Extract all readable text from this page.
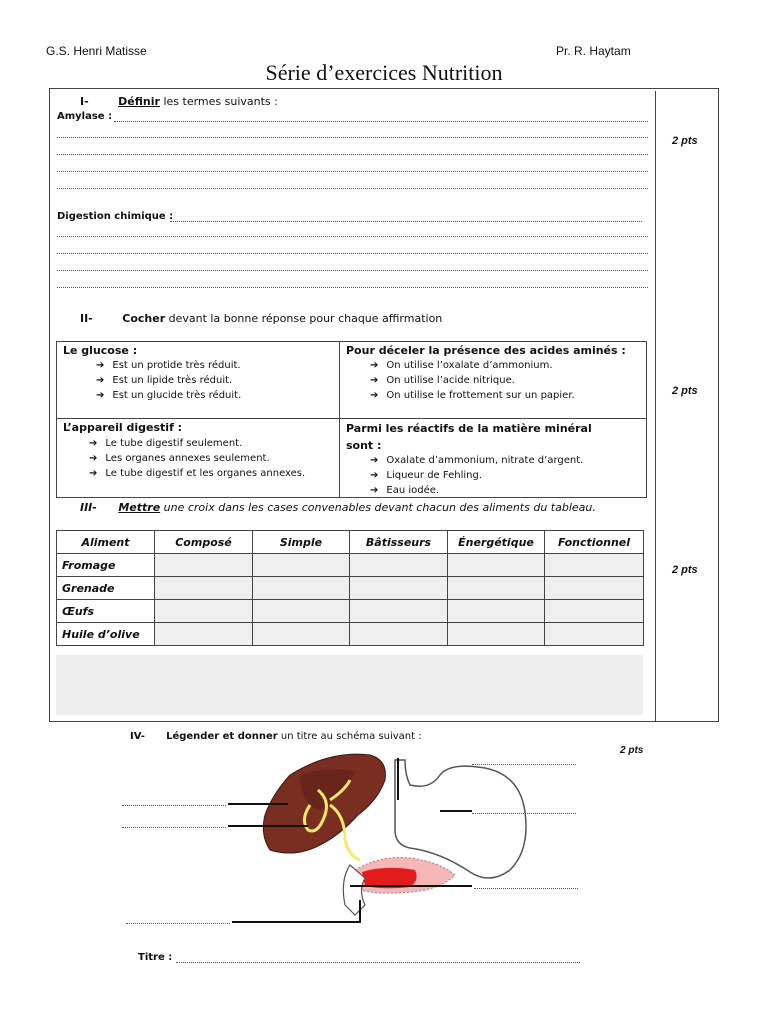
G.S. Henri Matisse	Pr. R. Haytam
Série d’exercices Nutrition
I-	Définir les termes suivants :
Amylase :
2 pts
Digestion chimique :
II-	Cocher devant la bonne réponse pour chaque affirmation
2 pts
Le glucose :
➔ Est un protide très réduit.
➔ Est un lipide très réduit.
➔ Est un glucide très réduit.
Pour déceler la présence des acides aminés :
➔ On utilise l’oxalate d’ammonium.
➔ On utilise l’acide nitrique.
➔ On utilise le frottement sur un papier.
L’appareil digestif :
➔ Le tube digestif seulement.
➔ Les organes annexes seulement.
➔ Le tube digestif et les organes annexes.
Parmi les réactifs de la matière minéral
sont :
➔ Oxalate d’ammonium, nitrate d’argent.
➔ Liqueur de Fehling.
➔ Eau iodée.
III- Mettre une croix dans les cases convenables devant chacun des aliments du tableau.
Aliment	Composé	Simple	Bâtisseurs	Énergétique	Fonctionnel
Fromage					
Grenade					
Œufs					
Huile d’olive					
2 pts
IV- Légender et donner un titre au schéma suivant :
2 pts
Titre :
